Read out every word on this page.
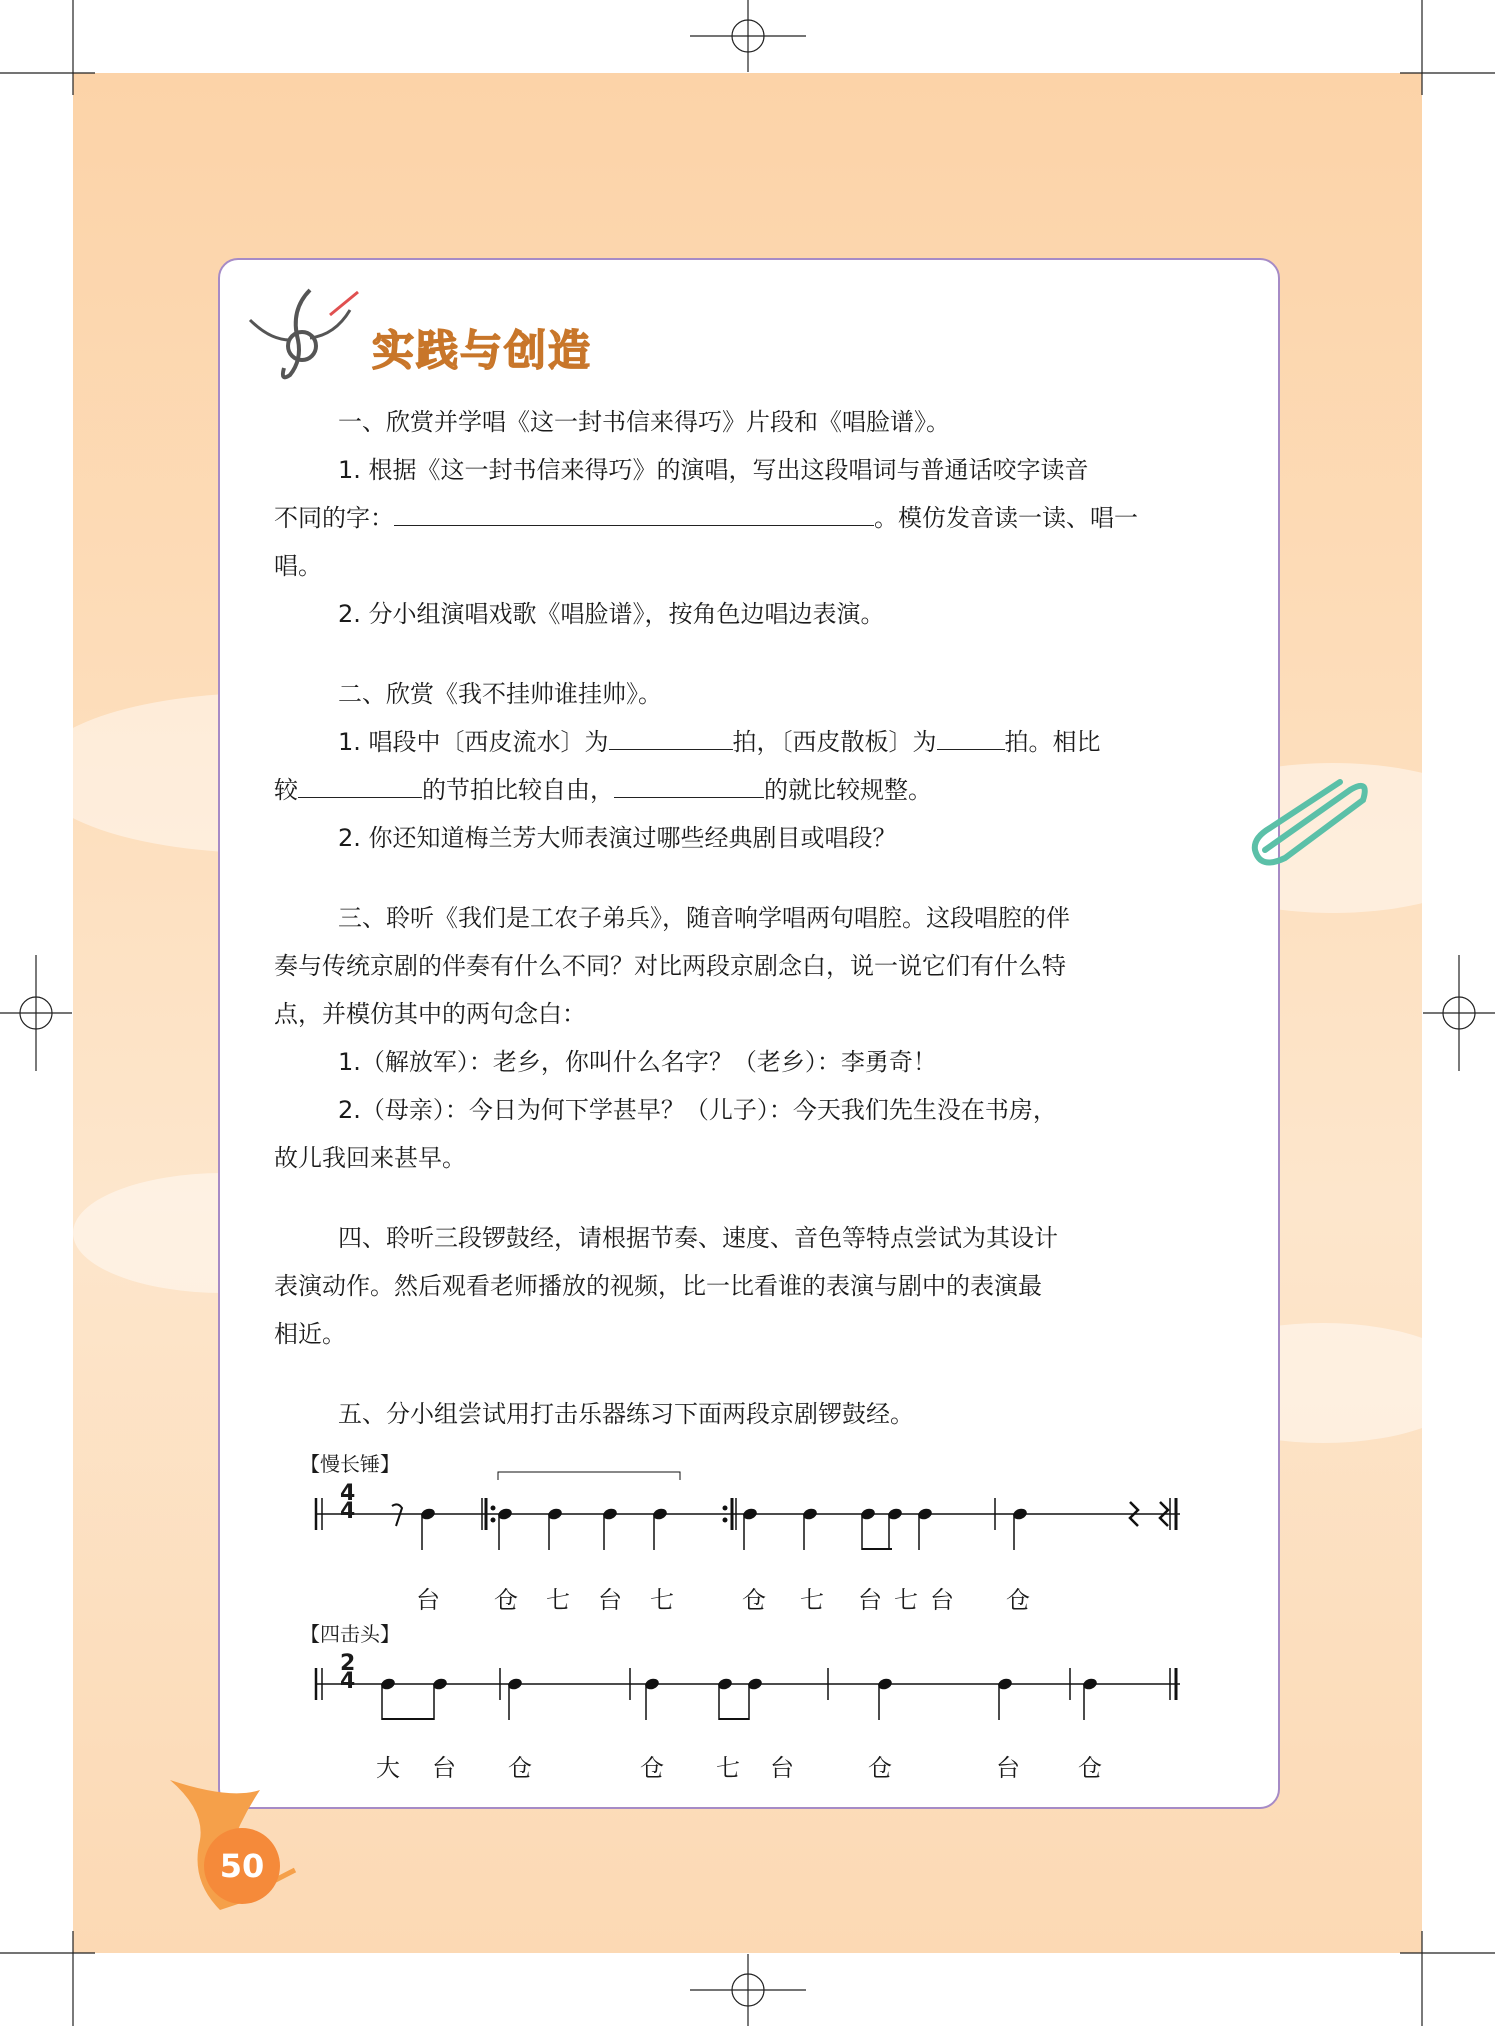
实践与创造

一、欣赏并学唱《这一封书信来得巧》片段和《唱脸谱》。

1. 根据《这一封书信来得巧》的演唱，写出这段唱词与普通话咬字读音

不同的字：	。模仿发音读一读、唱一

唱。

2. 分小组演唱戏歌《唱脸谱》，按角色边唱边表演。

二、欣赏《我不挂帅谁挂帅》。

1. 唱段中〔西皮流水〕为	拍，〔西皮散板〕为	拍。相比

较	的节拍比较自由，	的就比较规整。

2. 你还知道梅兰芳大师表演过哪些经典剧目或唱段？

三、聆听《我们是工农子弟兵》，随音响学唱两句唱腔。这段唱腔的伴

奏与传统京剧的伴奏有什么不同？对比两段京剧念白，说一说它们有什么特

点，并模仿其中的两句念白：

1.（解放军）：老乡，你叫什么名字？（老乡）：李勇奇！

2.（母亲）：今日为何下学甚早？（儿子）：今天我们先生没在书房，

故儿我回来甚早。

四、聆听三段锣鼓经，请根据节奏、速度、音色等特点尝试为其设计

表演动作。然后观看老师播放的视频，比一比看谁的表演与剧中的表演最

相近。

五、分小组尝试用打击乐器练习下面两段京剧锣鼓经。

【慢长锤】
4
4
台 仓 七 台 七	仓 七 台 七 台 仓
【四击头】
2
4
大 台 仓	仓 七 台	仓	台 仓
50
